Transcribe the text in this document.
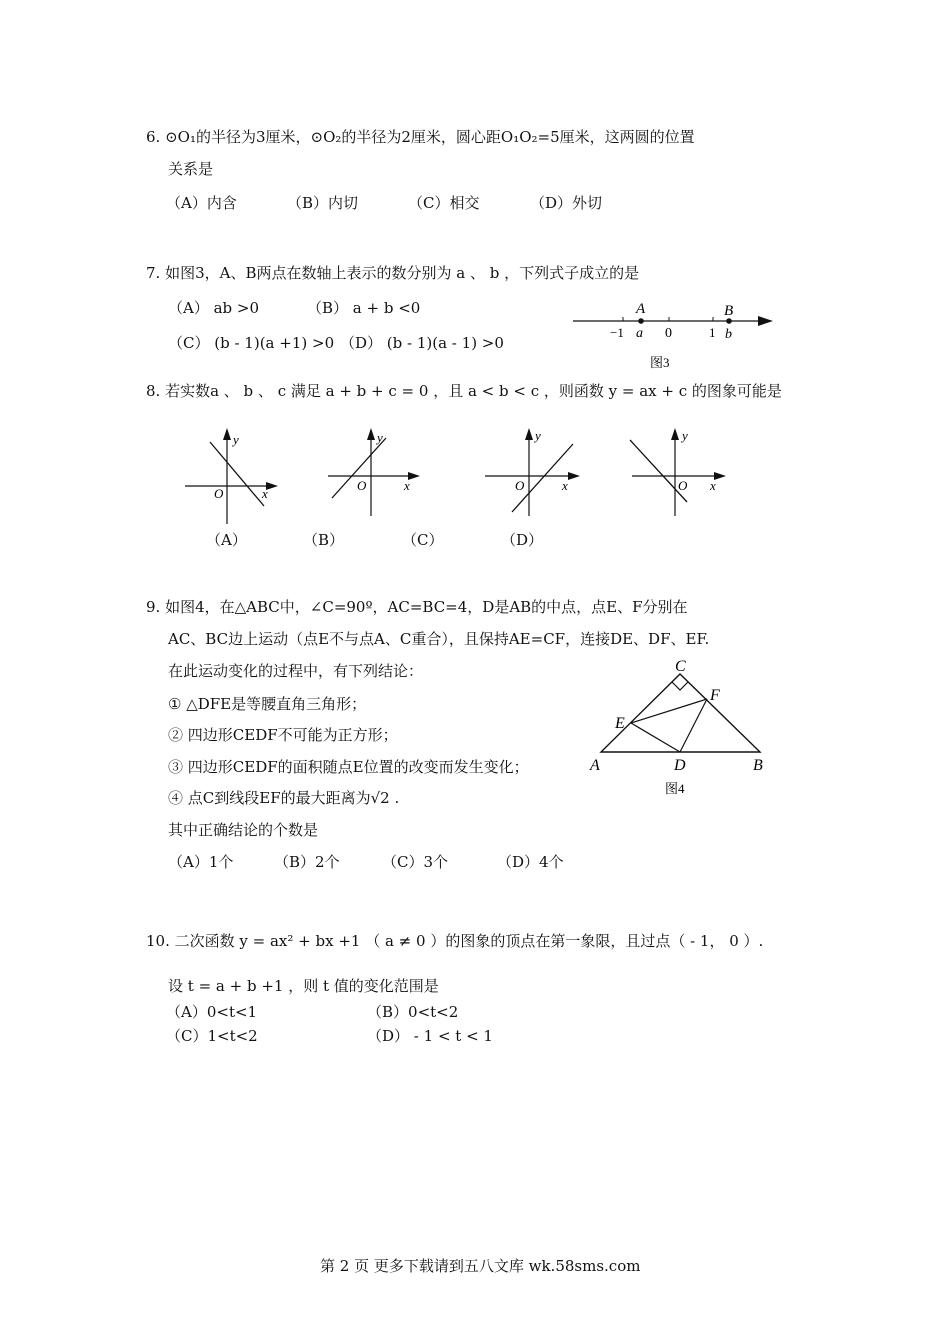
6. ⊙O₁的半径为3厘米，⊙O₂的半径为2厘米，圆心距O₁O₂=5厘米，这两圆的位置
关系是
（A）内含	（B）内切	（C）相交	（D）外切
7. 如图3，A、B两点在数轴上表示的数分别为 a 、 b ，下列式子成立的是
（A） ab >0	（B） a + b <0
（C） (b - 1)(a +1) >0 （D） (b - 1)(a - 1) >0
A	B
−1 a 0	1 b
图3
8. 若实数a 、 b 、 c 满足 a + b + c = 0 ，且 a < b < c ，则函数 y = ax + c 的图象可能是
y
x
O
y
x
O
y
x
O
y
x
O
（A）	（B）	（C）	（D）
9. 如图4，在△ABC中，∠C=90º，AC=BC=4，D是AB的中点，点E、F分别在
AC、BC边上运动（点E不与点A、C重合），且保持AE=CF，连接DE、DF、EF.
在此运动变化的过程中，有下列结论：
① △DFE是等腰直角三角形；
② 四边形CEDF不可能为正方形；
③ 四边形CEDF的面积随点E位置的改变而发生变化；
④ 点C到线段EF的最大距离为√2 .
其中正确结论的个数是
（A）1个	（B）2个	（C）3个	（D）4个
C
F
E
A	D	B
图4
10. 二次函数 y = ax² + bx +1 （ a ≠ 0 ）的图象的顶点在第一象限，且过点（ - 1， 0 ）.
设 t = a + b +1 ，则 t 值的变化范围是
（A）0<t<1	（B）0<t<2
（C）1<t<2	（D） - 1 < t < 1
第 2 页 更多下载请到五八文库 wk.58sms.com
